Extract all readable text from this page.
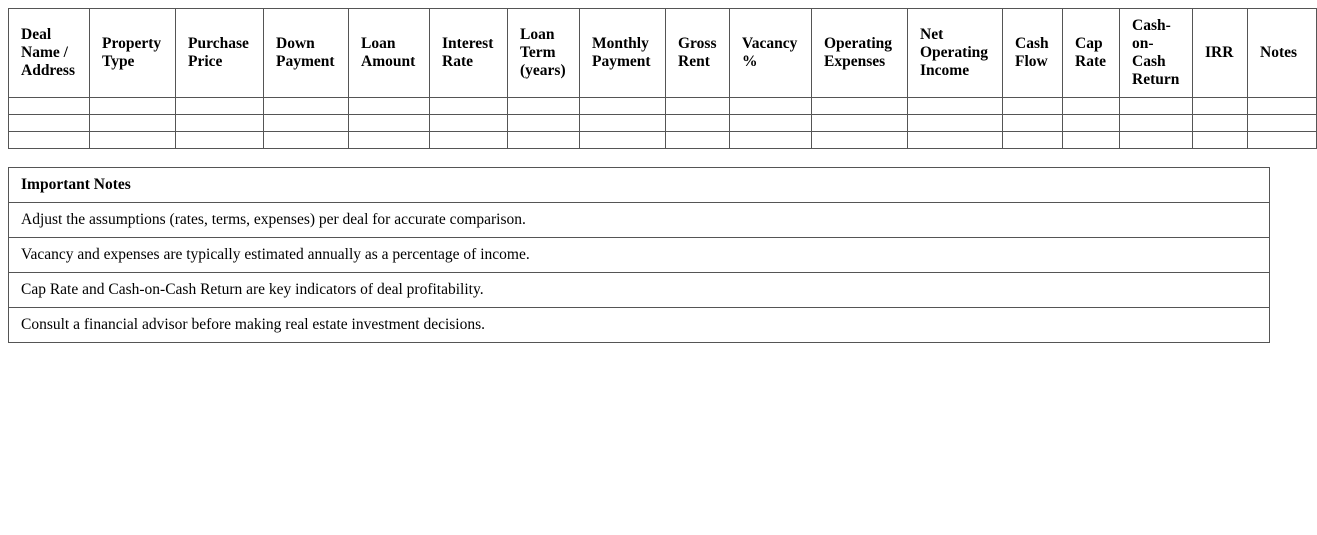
Deal Name / Address	Property Type	Purchase Price	Down Payment	Loan Amount	Interest Rate	Loan Term (years)	Monthly Payment	Gross Rent	Vacancy %	Operating Expenses	Net Operating Income	Cash Flow	Cap Rate	Cash-on-Cash Return	IRR	Notes

Important Notes
Adjust the assumptions (rates, terms, expenses) per deal for accurate comparison.
Vacancy and expenses are typically estimated annually as a percentage of income.
Cap Rate and Cash-on-Cash Return are key indicators of deal profitability.
Consult a financial advisor before making real estate investment decisions.
